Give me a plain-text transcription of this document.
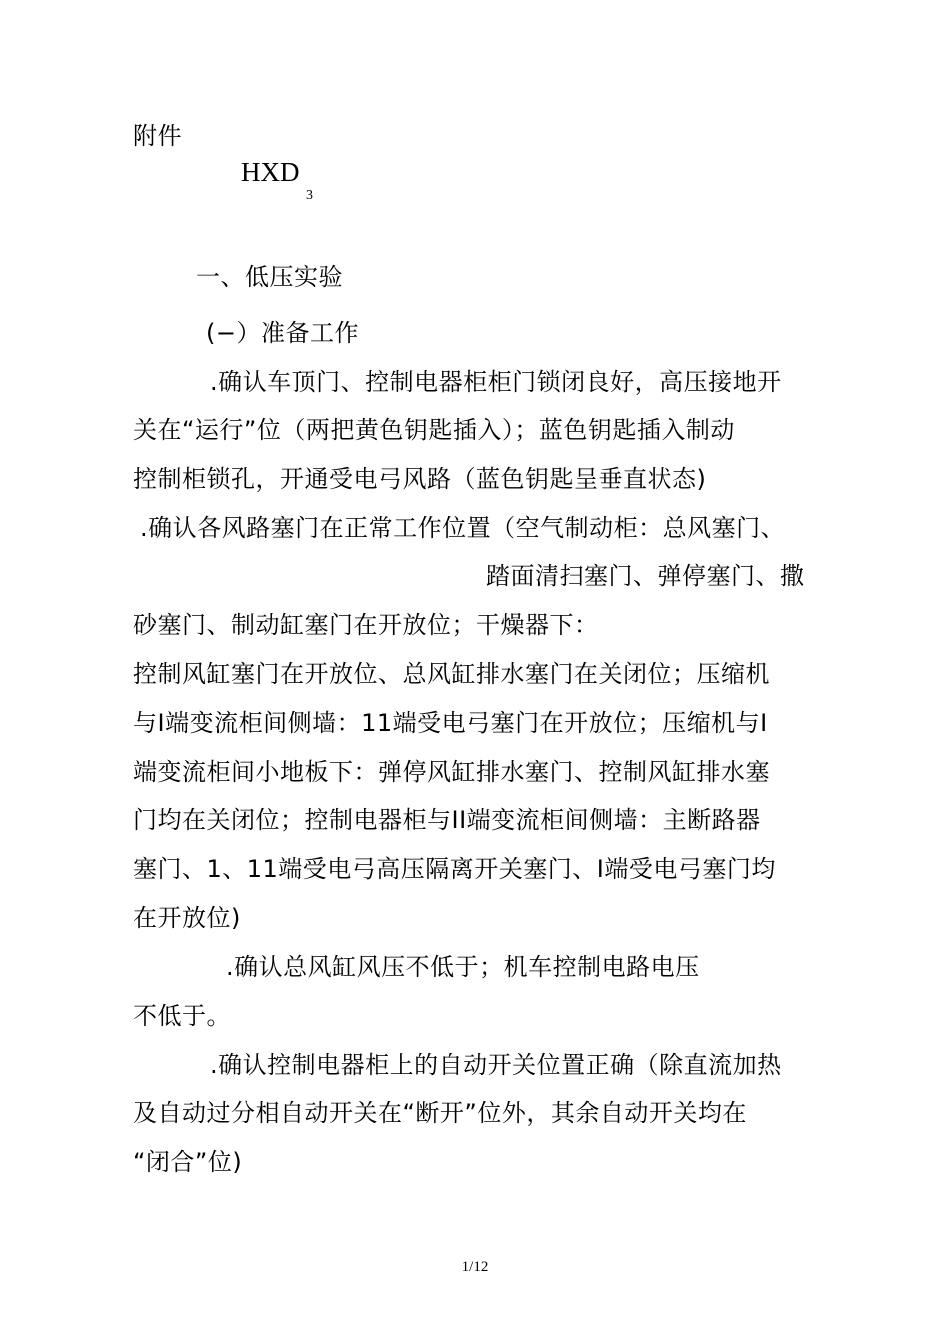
附件
HXD
3
一、低压实验
(−）准备工作
.确认车顶门、控制电器柜柜门锁闭良好，高压接地开
关在“运行”位（两把黄色钥匙插入）；蓝色钥匙插入制动
控制柜锁孔，开通受电弓风路（蓝色钥匙呈垂直状态)
.确认各风路塞门在正常工作位置（空气制动柜：总风塞门、
踏面清扫塞门、弹停塞门、撒
砂塞门、制动缸塞门在开放位；干燥器下：
控制风缸塞门在开放位、总风缸排水塞门在关闭位；压缩机
与I端变流柜间侧墙：11端受电弓塞门在开放位；压缩机与I
端变流柜间小地板下：弹停风缸排水塞门、控制风缸排水塞
门均在关闭位；控制电器柜与II端变流柜间侧墙：主断路器
塞门、1、11端受电弓高压隔离开关塞门、I端受电弓塞门均
在开放位)
.确认总风缸风压不低于；机车控制电路电压
不低于。
.确认控制电器柜上的自动开关位置正确（除直流加热
及自动过分相自动开关在“断开”位外，其余自动开关均在
“闭合”位)
1/12
